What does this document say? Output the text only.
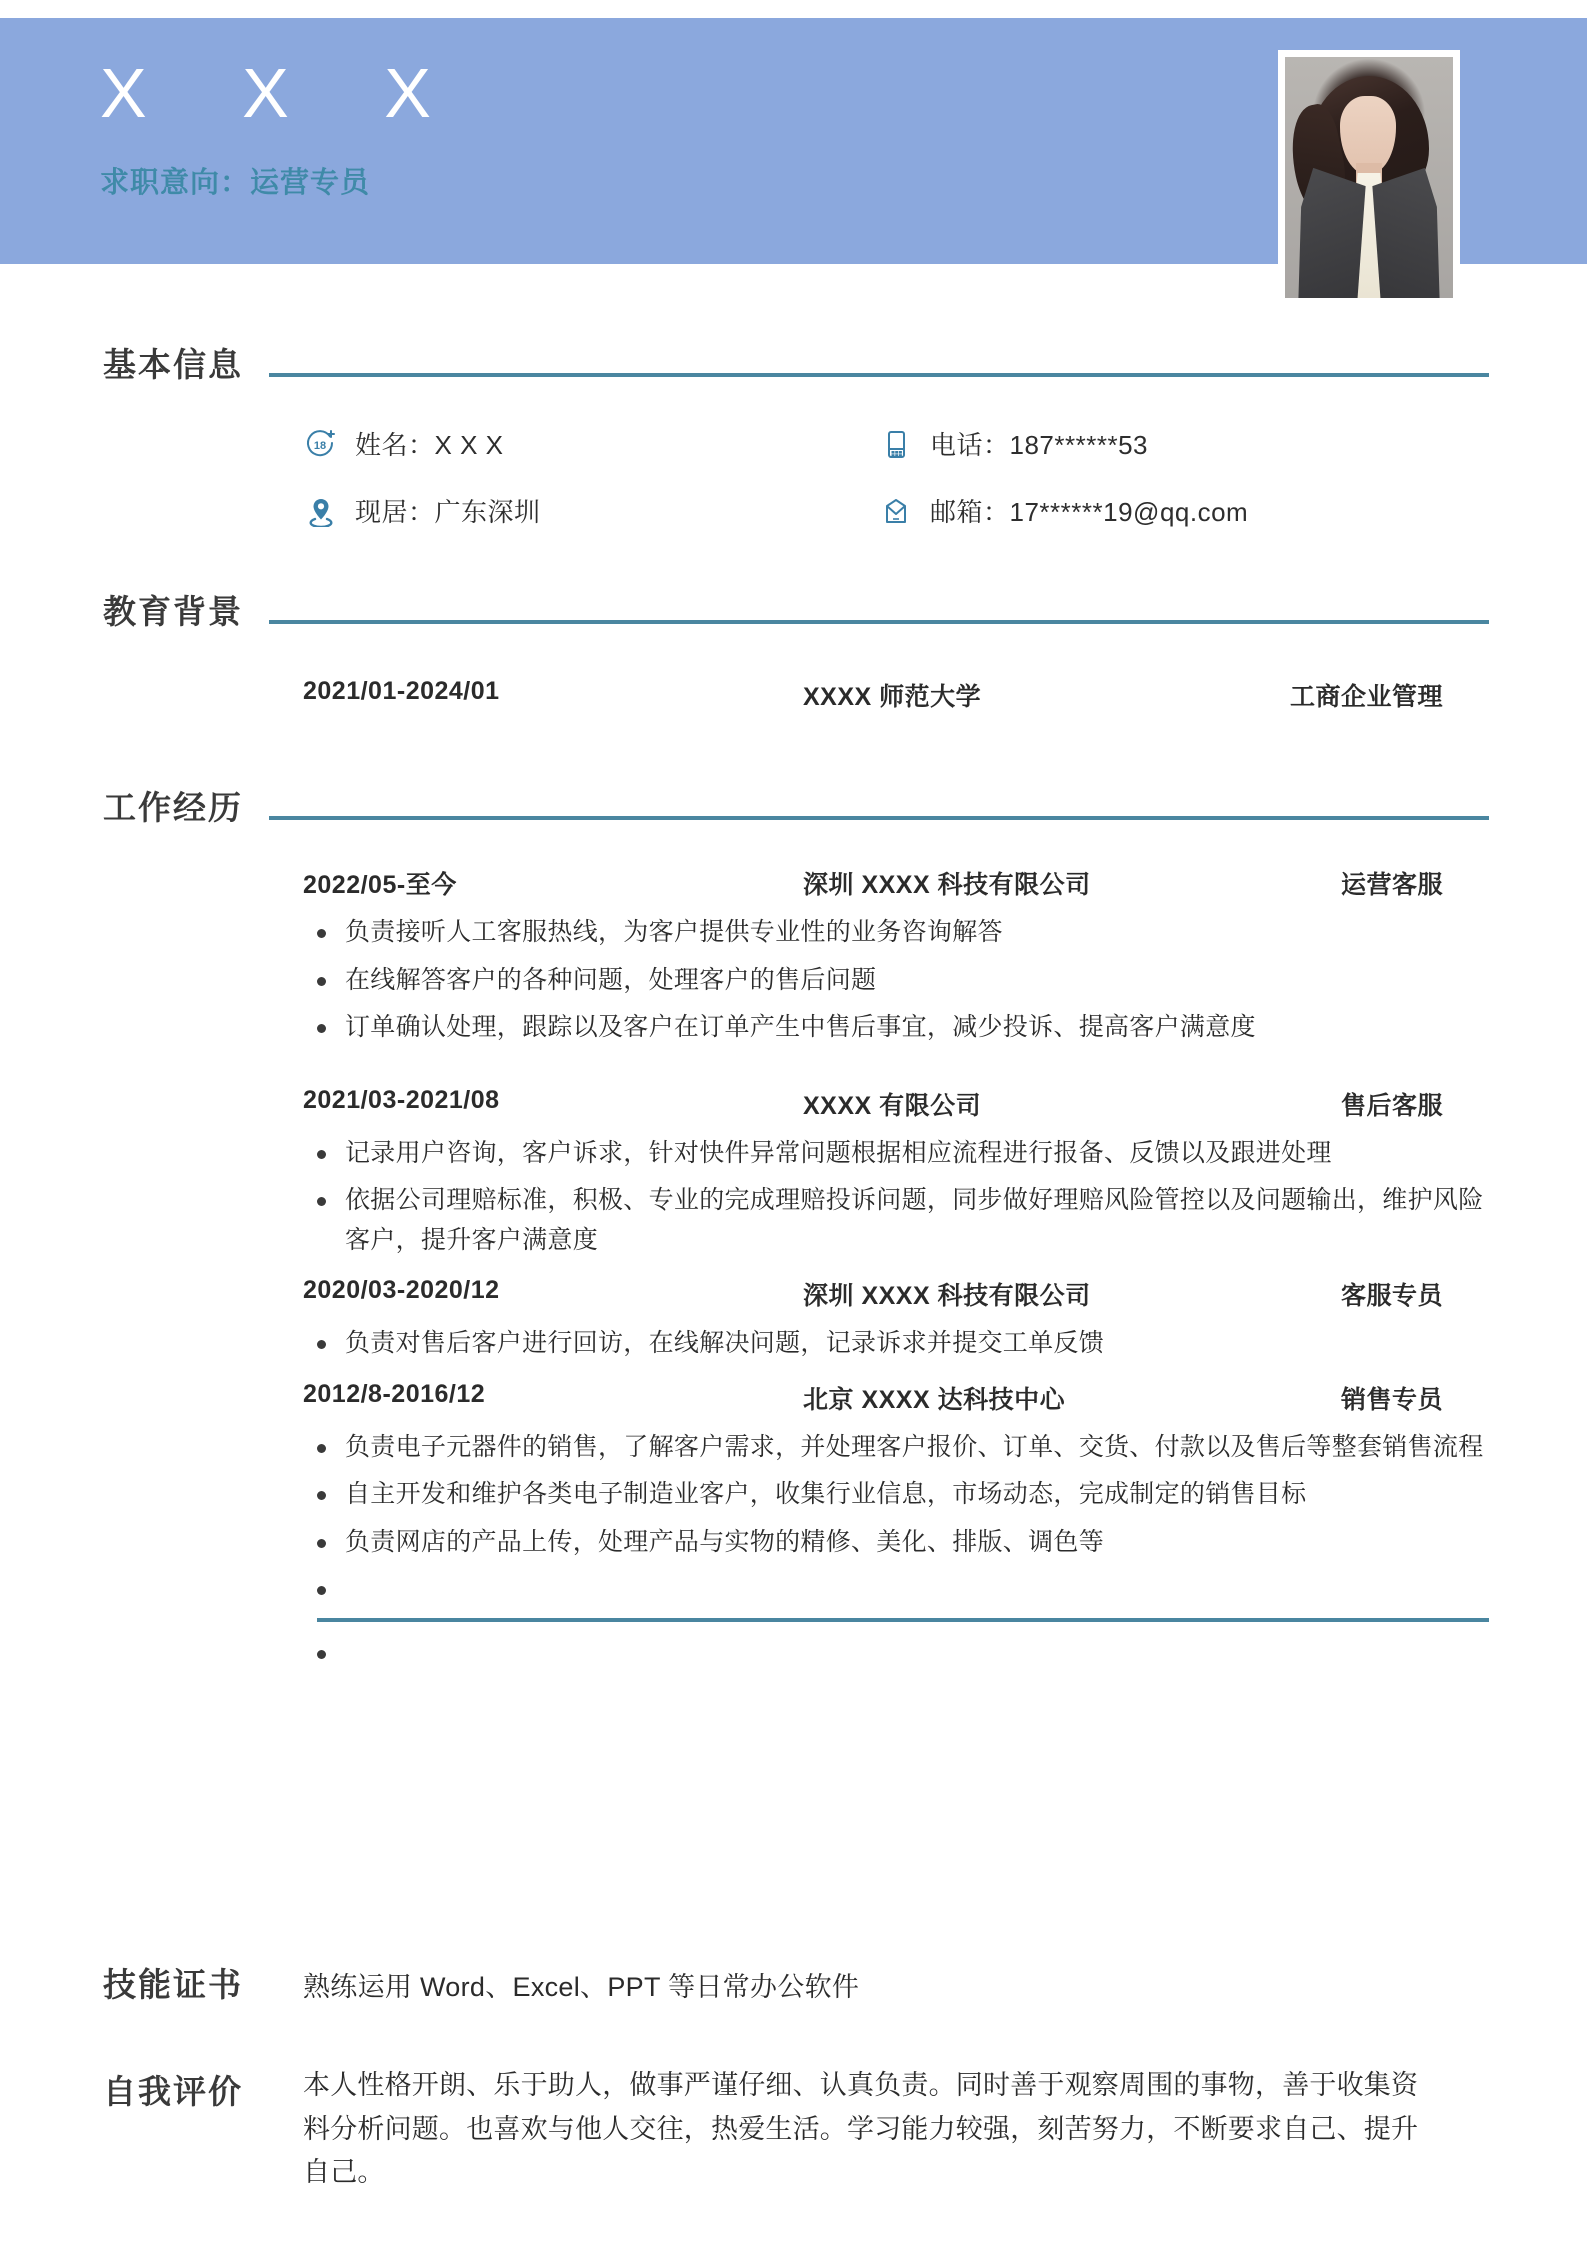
X X X
求职意向：运营专员
基本信息
18 姓名：X X X	电话：187******53
现居：广东深圳	邮箱：17******19@qq.com
教育背景
2021/01-2024/01	XXXX 师范大学	工商企业管理
工作经历
2022/05-至今	深圳 XXXX 科技有限公司	运营客服
负责接听人工客服热线，为客户提供专业性的业务咨询解答
在线解答客户的各种问题，处理客户的售后问题
订单确认处理，跟踪以及客户在订单产生中售后事宜，减少投诉、提高客户满意度
2021/03-2021/08	XXXX 有限公司	售后客服
记录用户咨询，客户诉求，针对快件异常问题根据相应流程进行报备、反馈以及跟进处理
依据公司理赔标准，积极、专业的完成理赔投诉问题，同步做好理赔风险管控以及问题输出，维护风险客户，提升客户满意度
2020/03-2020/12	深圳 XXXX 科技有限公司	客服专员
负责对售后客户进行回访，在线解决问题，记录诉求并提交工单反馈
2012/8-2016/12	北京 XXXX 达科技中心	销售专员
负责电子元器件的销售，了解客户需求，并处理客户报价、订单、交货、付款以及售后等整套销售流程
自主开发和维护各类电子制造业客户，收集行业信息，市场动态，完成制定的销售目标
负责网店的产品上传，处理产品与实物的精修、美化、排版、调色等
技能证书	熟练运用 Word、Excel、PPT 等日常办公软件
自我评价	本人性格开朗、乐于助人，做事严谨仔细、认真负责。同时善于观察周围的事物，善于收集资料分析问题。也喜欢与他人交往，热爱生活。学习能力较强，刻苦努力，不断要求自己、提升自己。
